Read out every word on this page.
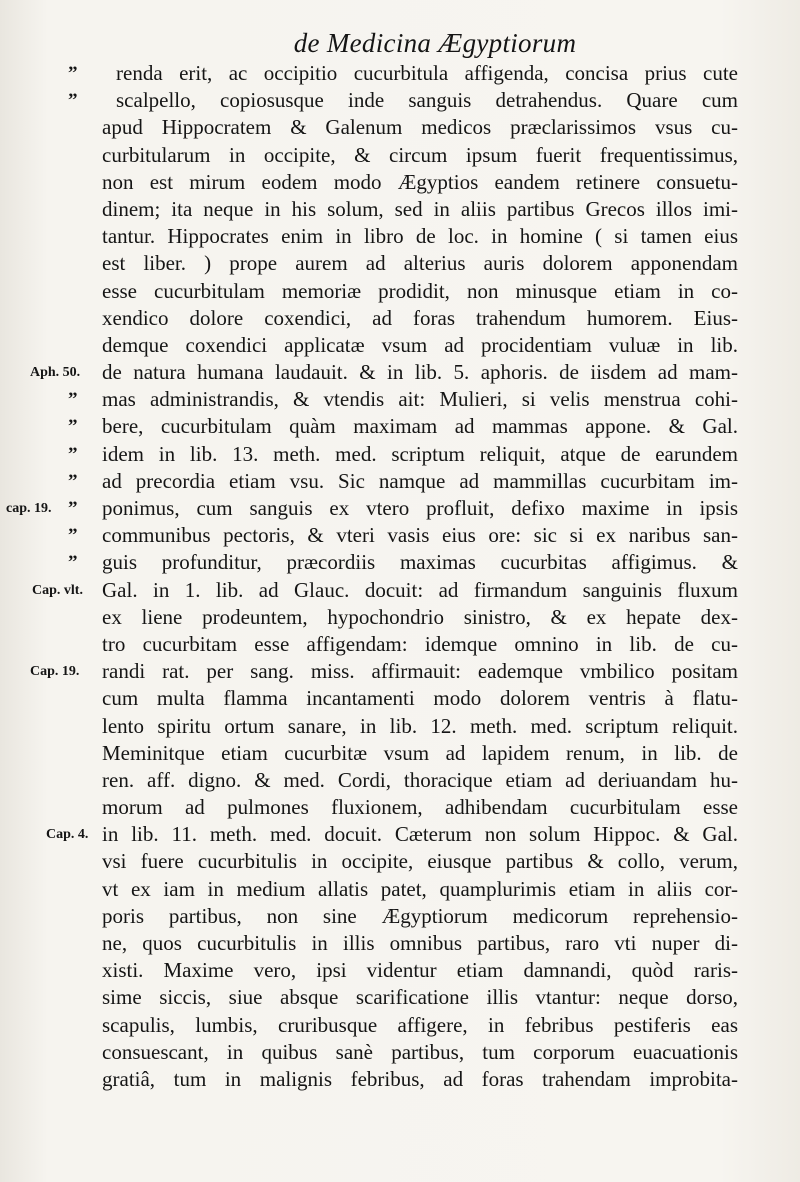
de Medicina Ægyptiorum
” renda erit, ac occipitio cucurbitula affigenda, concisa prius cute
” scalpello, copiosusque inde sanguis detrahendus. Quare cum
apud Hippocratem & Galenum medicos præclarissimos vsus cu-
curbitularum in occipite, & circum ipsum fuerit frequentissimus,
non est mirum eodem modo Ægyptios eandem retinere consuetu-
dinem; ita neque in his solum, sed in aliis partibus Grecos illos imi-
tantur. Hippocrates enim in libro de loc. in homine ( si tamen eius
est liber. ) prope aurem ad alterius auris dolorem apponendam
esse cucurbitulam memoriæ prodidit, non minusque etiam in co-
xendico dolore coxendici, ad foras trahendum humorem. Eius-
demque coxendici applicatæ vsum ad procidentiam vuluæ in lib.
Aph. 50. de natura humana laudauit. & in lib. 5. aphoris. de iisdem ad mam-
” mas administrandis, & vtendis ait: Mulieri, si velis menstrua cohi-
” bere, cucurbitulam quàm maximam ad mammas appone. & Gal.
” idem in lib. 13. meth. med. scriptum reliquit, atque de earundem
” ad precordia etiam vsu. Sic namque ad mammillas cucurbitam im-
cap. 19. ” ponimus, cum sanguis ex vtero profluit, defixo maxime in ipsis
” communibus pectoris, & vteri vasis eius ore: sic si ex naribus san-
” guis profunditur, præcordiis maximas cucurbitas affigimus. &
Cap. vlt. Gal. in 1. lib. ad Glauc. docuit: ad firmandum sanguinis fluxum
ex liene prodeuntem, hypochondrio sinistro, & ex hepate dex-
tro cucurbitam esse affigendam: idemque omnino in lib. de cu-
Cap. 19. randi rat. per sang. miss. affirmauit: eademque vmbilico positam
cum multa flamma incantamenti modo dolorem ventris à flatu-
lento spiritu ortum sanare, in lib. 12. meth. med. scriptum reliquit.
Meminitque etiam cucurbitæ vsum ad lapidem renum, in lib. de
ren. aff. digno. & med. Cordi, thoracique etiam ad deriuandam hu-
morum ad pulmones fluxionem, adhibendam cucurbitulam esse
Cap. 4. in lib. 11. meth. med. docuit. Cæterum non solum Hippoc. & Gal.
vsi fuere cucurbitulis in occipite, eiusque partibus & collo, verum,
vt ex iam in medium allatis patet, quamplurimis etiam in aliis cor-
poris partibus, non sine Ægyptiorum medicorum reprehensio-
ne, quos cucurbitulis in illis omnibus partibus, raro vti nuper di-
xisti. Maxime vero, ipsi videntur etiam damnandi, quòd raris-
sime siccis, siue absque scarificatione illis vtantur: neque dorso,
scapulis, lumbis, cruribusque affigere, in febribus pestiferis eas
consuescant, in quibus sanè partibus, tum corporum euacuationis
gratiâ, tum in malignis febribus, ad foras trahendam improbita-
